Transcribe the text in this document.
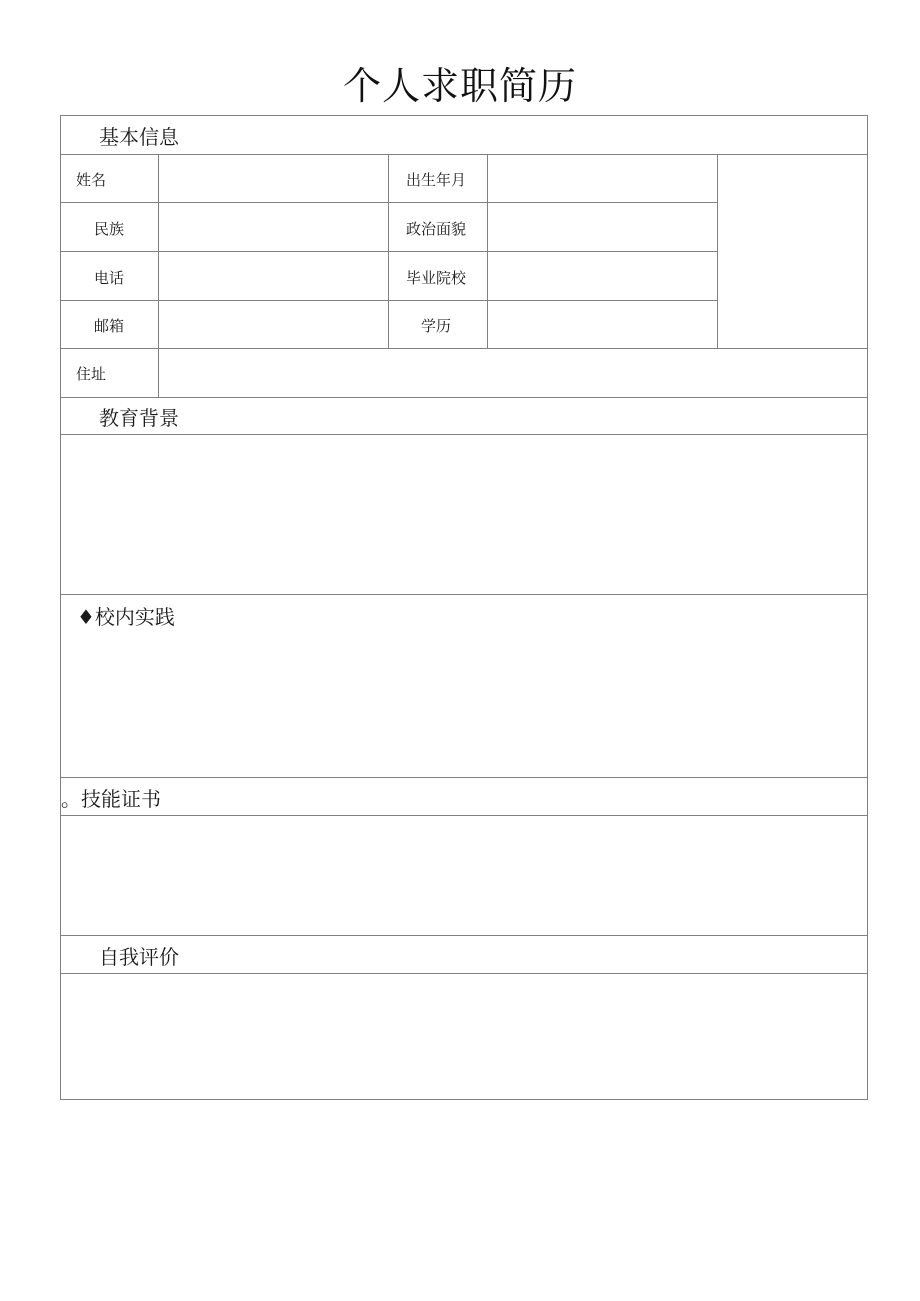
个人求职简历
基本信息
姓名	出生年月
民族	政治面貌
电话	毕业院校
邮箱	学历
住址
教育背景
♦校内实践
。技能证书
自我评价
